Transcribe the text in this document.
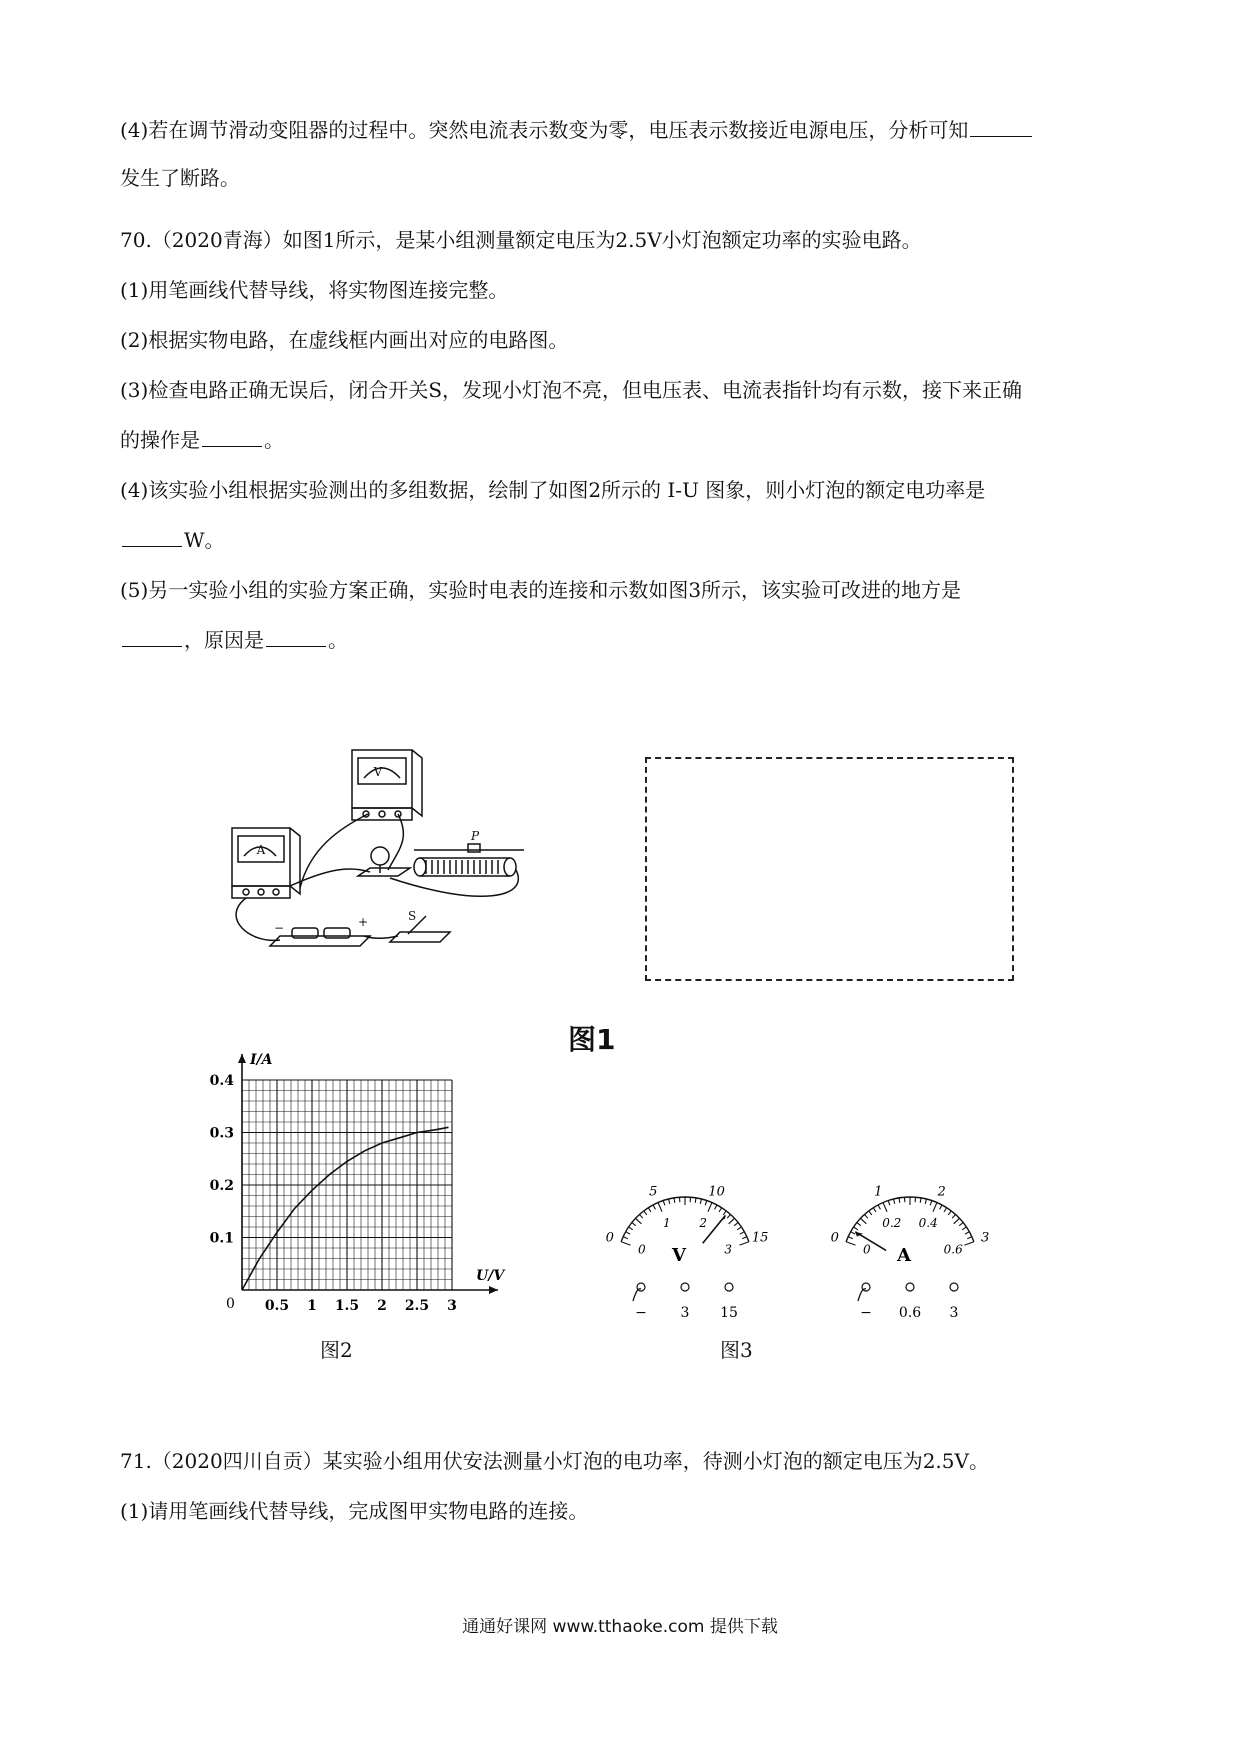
(4)若在调节滑动变阻器的过程中。突然电流表示数变为零，电压表示数接近电源电压，分析可知
发生了断路。
70.（2020青海）如图1所示，是某小组测量额定电压为2.5V小灯泡额定功率的实验电路。
(1)用笔画线代替导线，将实物图连接完整。
(2)根据实物电路，在虚线框内画出对应的电路图。
(3)检查电路正确无误后，闭合开关S，发现小灯泡不亮，但电压表、电流表指针均有示数，接下来正确
的操作是	。
(4)该实验小组根据实验测出的多组数据，绘制了如图2所示的 I-U 图象，则小灯泡的额定电功率是
W。
(5)另一实验小组的实验方案正确，实验时电表的连接和示数如图3所示，该实验可改进的地方是
，原因是	。
V
A
P
S
−	+
图1
0.5 1 1.5 2 2.5 3
0.1
0.2
0.3
0.4
I/A
U/V
0
图2
0
5	10
15
0
1 2
3
V
− 3 15
0
1	2
3
0
0.2 0.4
0.6
A
− 0.6 3
图3
71.（2020四川自贡）某实验小组用伏安法测量小灯泡的电功率，待测小灯泡的额定电压为2.5V。
(1)请用笔画线代替导线，完成图甲实物电路的连接。
通通好课网 www.tthaoke.com 提供下载
